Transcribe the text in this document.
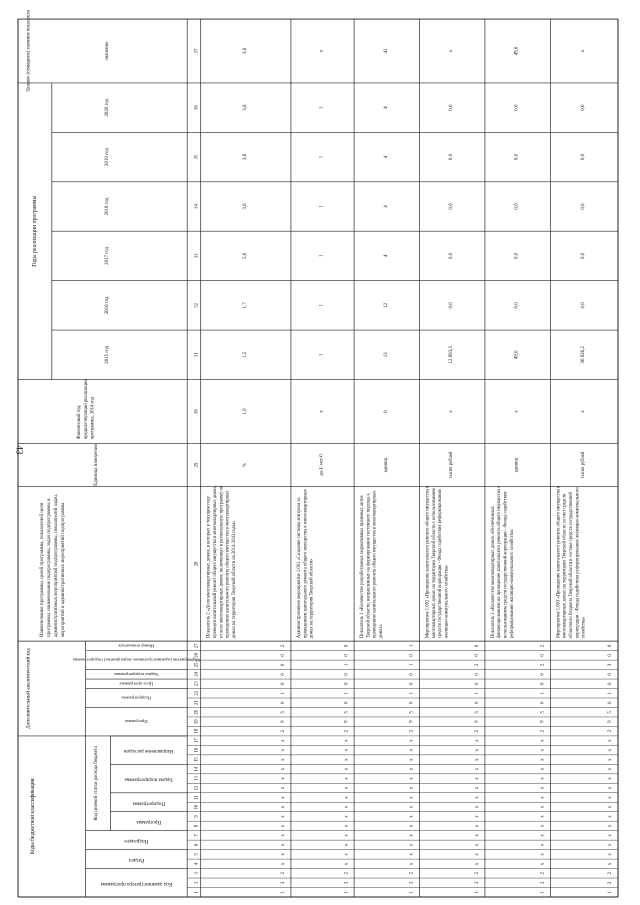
43
Коды бюджетной классификации
Дополнительный аналитический код
Годы реализации программы
Целевое (суммарное) значение показателя
Код целевой статьи расхода бюджета
Код администратора программы
Раздел
Подраздел
Программа
Подпрограмма
Задача подпрограммы
Направление расходов
Программа
Подпрограмма
Цель программы
Задача подпрограммы
Мероприятие (административное мероприятие) подпрограммы
Номер показателя
Наименование программы, целей программы, показателей цели программы, наименование подпрограммы, задач подпрограммы и административных мероприятий подпрограммы, показателей задач, мероприятий и административных мероприятий подпрограммы
Единица измерения
Финансовый год, предшествующий реализации программы, 2014 год
2015 год
2016 год
2017 год
2018 год
2019 год
2020 год
значение
1
2
3
4
5
6
7
8
9
10
11
12
13
14
15
16
17
18
19
20
21
22
23
24
25
26
27
28
29
30
31
32
33
34
35
36
37
1
2
2
х
х
х
х
х
х
х
х
х
х
х
х
х
х
2
9
5
0
1
0
0
0
0
2
Показатель 2 «Доля многоквартирных домов, в которых в текущем году проведен капитальный ремонт общего имущества в многоквартирных домах, от всех многоквартирных домов, включенных в региональную программу по проведению капитального ремонта общего имущества в многоквартирных домах на территории Тверской области на 2014-2043 годы»
%
1,9
1,5
1,7
5,8
3,6
3,6
3,6
3,6
1
2
2
х
х
х
х
х
х
х
х
х
х
х
х
х
х
2
9
5
0
1
0
0
1
0
0
Административное мероприятие 1.001 «Создание системы контроля за проведением капитального ремонта общего имущества в многоквартирных домах на территории Тверской области»
да-1/ нет-0
х
1
1
1
1
1
1
х
1
2
2
х
х
х
х
х
х
х
х
х
х
х
х
х
х
2
9
5
0
1
0
0
1
0
1
Показатель 1 «Количество разработанных нормативных правовых актов Тверской области, направленных на формирование системного подхода к проведению капитального ремонта общего имущества в многоквартирных домах»
единиц
8
13
12
4
4
4
4
41
1
2
2
х
х
х
х
х
х
х
х
х
х
х
х
х
х
2
9
5
0
1
0
0
2
0
0
Мероприятие 1.002 «Проведение капитального ремонта общего имущества в многоквартирных домах на территории Тверской области с использованием средств государственной корпорации - Фонда содействия реформированию жилищно-коммунального хозяйства»
тысяч рублей
х
12 893,3
0,0
0,0
0,0
0,0
0,0
х
1
2
2
х
х
х
х
х
х
х
х
х
х
х
х
х
х
2
9
5
0
1
0
0
2
0
2
Показатель 2 «Количество многоквартирных домов, обеспеченных финансированием на проведение капитального ремонта общего имущества с использованием средств государственной корпорации - Фонда содействия реформированию жилищно-коммунального хозяйства»
единиц
х
49,0
0,0
0,0
0,0
0,0
0,0
49,0
1
2
2
х
х
х
х
х
х
х
х
х
х
х
х
х
х
2
9
5
0
1
0
0
3
0
0
Мероприятие 1.003 «Проведение капитального ремонта общего имущества в многоквартирных домах на территории Тверской области за счет средств областного бюджета Тверской области в составе средств государственной корпорации - Фонда содействия реформированию жилищно-коммунального хозяйства»
тысяч рублей
х
36 826,2
0,0
0,0
0,0
0,0
0,0
х
